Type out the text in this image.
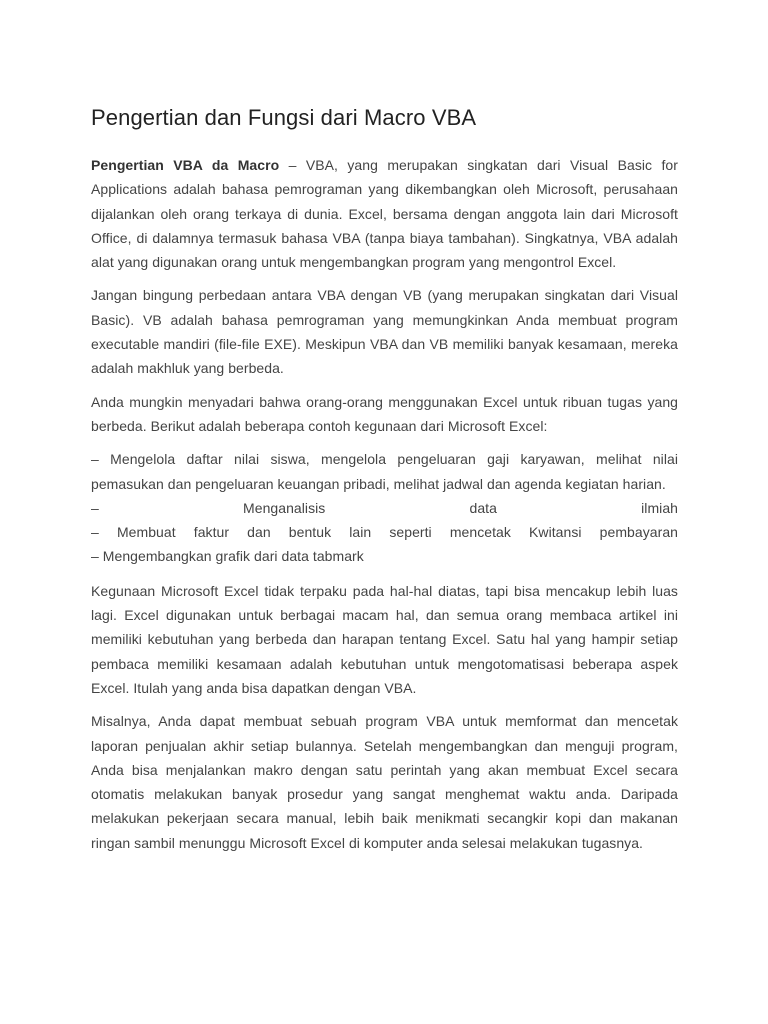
Pengertian dan Fungsi dari Macro VBA

Pengertian VBA da Macro – VBA, yang merupakan singkatan dari Visual Basic for Applications adalah bahasa pemrograman yang dikembangkan oleh Microsoft, perusahaan dijalankan oleh orang terkaya di dunia. Excel, bersama dengan anggota lain dari Microsoft Office, di dalamnya termasuk bahasa VBA (tanpa biaya tambahan). Singkatnya, VBA adalah alat yang digunakan orang untuk mengembangkan program yang mengontrol Excel.

Jangan bingung perbedaan antara VBA dengan VB (yang merupakan singkatan dari Visual Basic). VB adalah bahasa pemrograman yang memungkinkan Anda membuat program executable mandiri (file-file EXE). Meskipun VBA dan VB memiliki banyak kesamaan, mereka adalah makhluk yang berbeda.

Anda mungkin menyadari bahwa orang-orang menggunakan Excel untuk ribuan tugas yang berbeda. Berikut adalah beberapa contoh kegunaan dari Microsoft Excel:

– Mengelola daftar nilai siswa, mengelola pengeluaran gaji karyawan, melihat nilai pemasukan dan pengeluaran keuangan pribadi, melihat jadwal dan agenda kegiatan harian.

– Menganalisis data ilmiah

– Membuat faktur dan bentuk lain seperti mencetak Kwitansi pembayaran

– Mengembangkan grafik dari data tabmark

Kegunaan Microsoft Excel tidak terpaku pada hal-hal diatas, tapi bisa mencakup lebih luas lagi. Excel digunakan untuk berbagai macam hal, dan semua orang membaca artikel ini memiliki kebutuhan yang berbeda dan harapan tentang Excel. Satu hal yang hampir setiap pembaca memiliki kesamaan adalah kebutuhan untuk mengotomatisasi beberapa aspek Excel. Itulah yang anda bisa dapatkan dengan VBA.

Misalnya, Anda dapat membuat sebuah program VBA untuk memformat dan mencetak laporan penjualan akhir setiap bulannya. Setelah mengembangkan dan menguji program, Anda bisa menjalankan makro dengan satu perintah yang akan membuat Excel secara otomatis melakukan banyak prosedur yang sangat menghemat waktu anda. Daripada melakukan pekerjaan secara manual, lebih baik menikmati secangkir kopi dan makanan ringan sambil menunggu Microsoft Excel di komputer anda selesai melakukan tugasnya.
